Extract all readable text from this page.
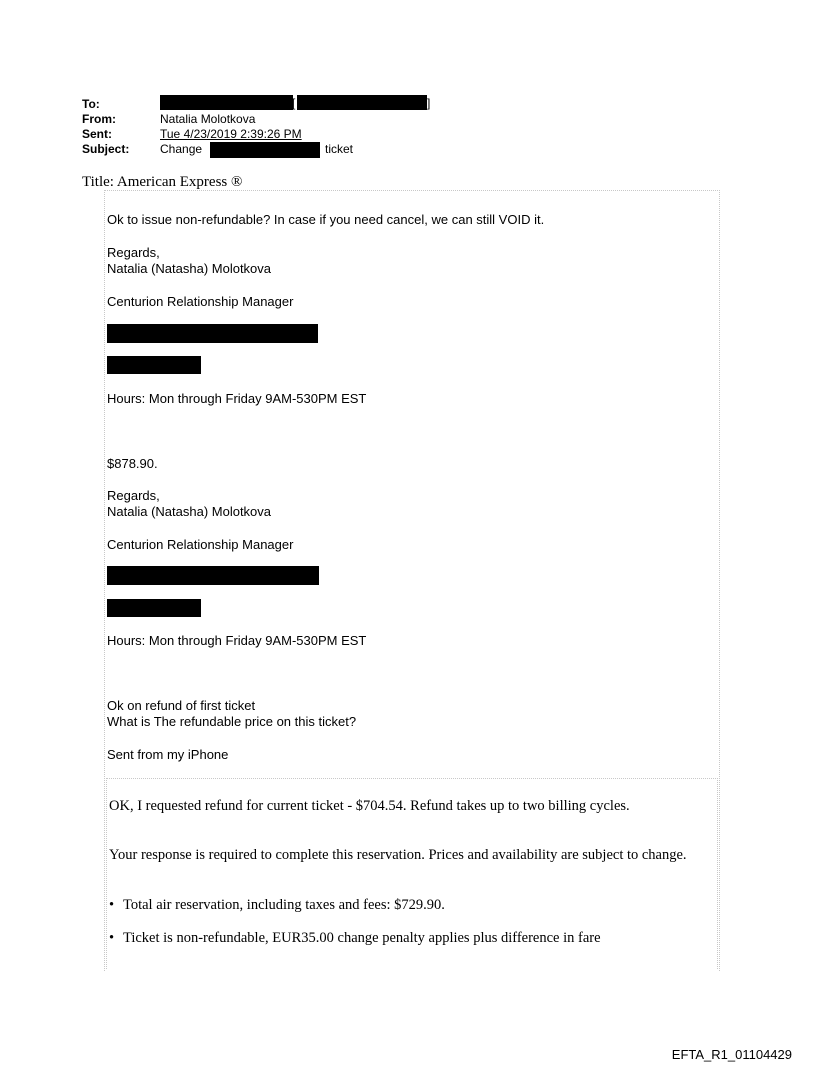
To:
From:	Natalia Molotkova
Sent:	Tue 4/23/2019 2:39:26 PM
Subject:	Change	ticket
[	]
Title: American Express ®
Ok to issue non-refundable? In case if you need cancel, we can still VOID it.
Regards,
Natalia (Natasha) Molotkova
Centurion Relationship Manager
Hours: Mon through Friday 9AM-530PM EST
$878.90.
Regards,
Natalia (Natasha) Molotkova
Centurion Relationship Manager
Hours: Mon through Friday 9AM-530PM EST
Ok on refund of first ticket
What is The refundable price on this ticket?
Sent from my iPhone
OK, I requested refund for current ticket - $704.54. Refund takes up to two billing cycles.
Your response is required to complete this reservation. Prices and availability are subject to change.
• Total air reservation, including taxes and fees: $729.90.
• Ticket is non-refundable, EUR35.00 change penalty applies plus difference in fare
EFTA_R1_01104429
